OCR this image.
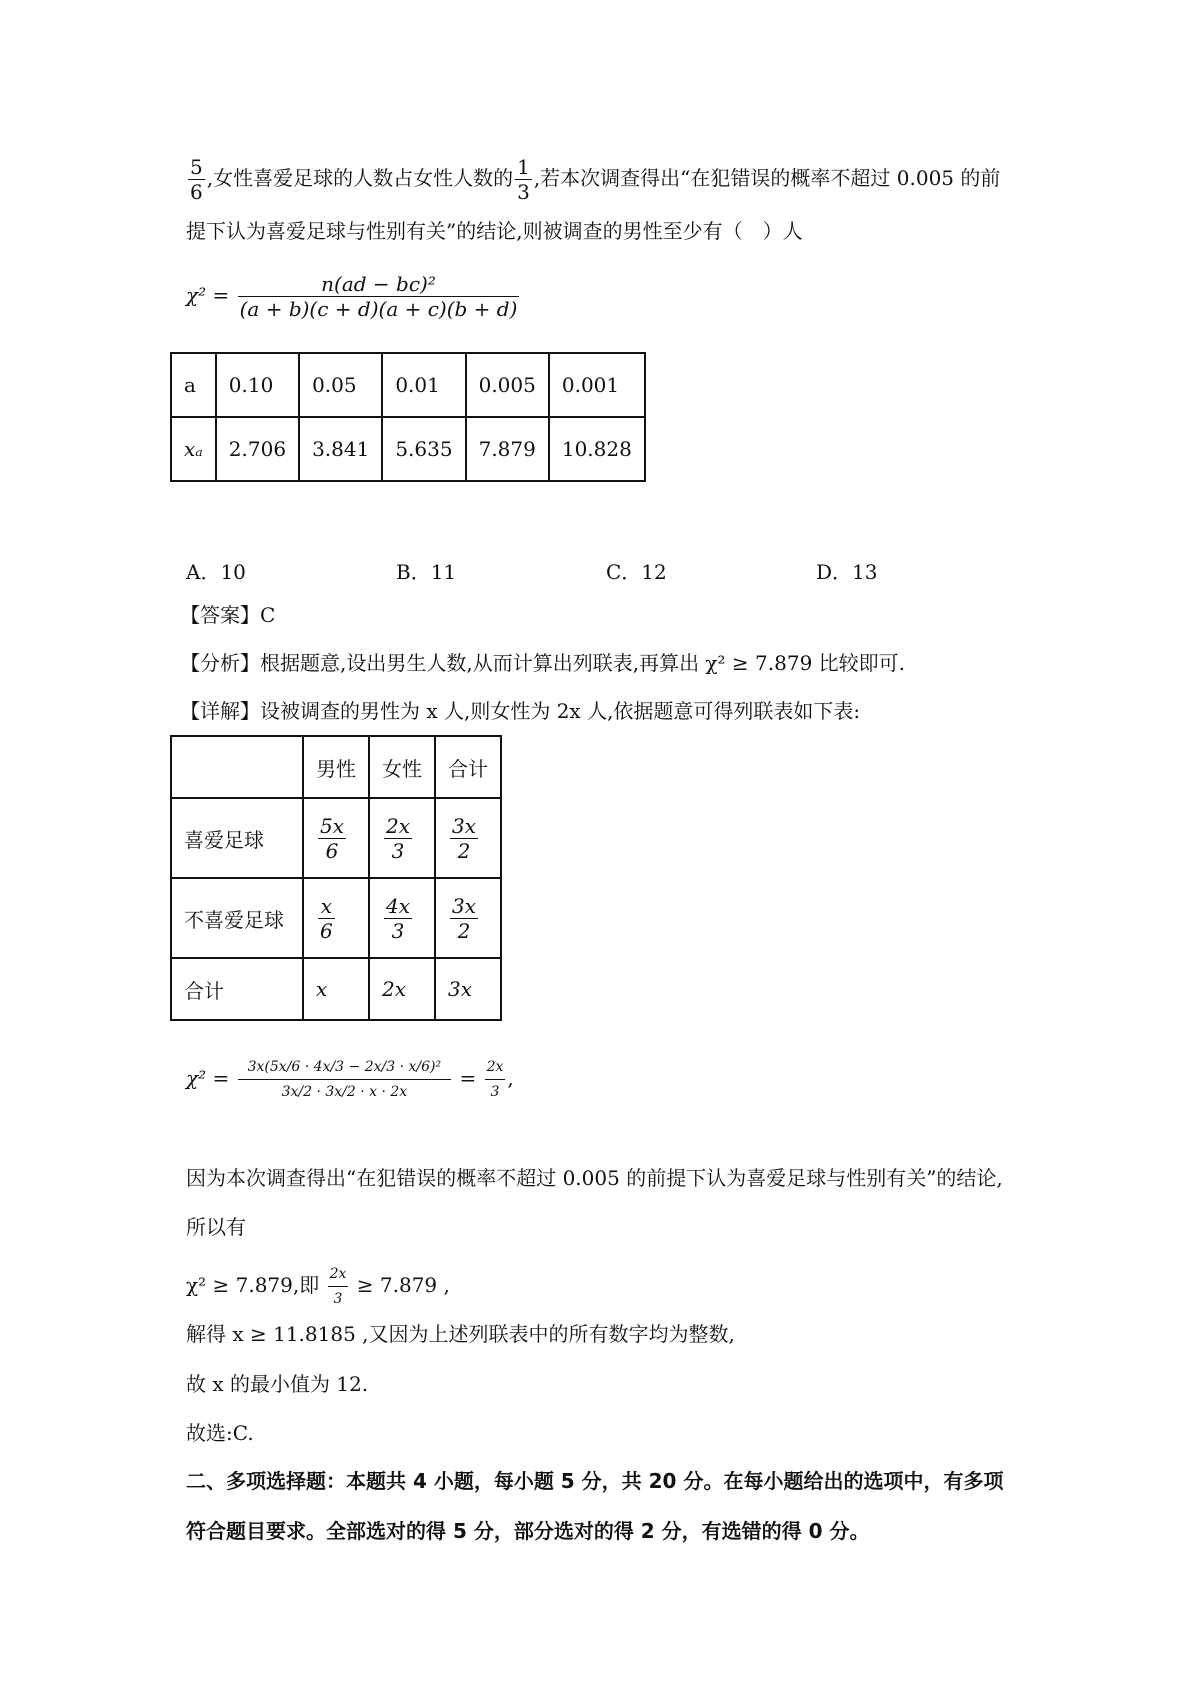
$\frac{5}{6}$ ,女性喜爱足球的人数占女性人数的 $\frac{1}{3}$ ,若本次调查得出“在犯错误的概率不超过 0.005 的前
提下认为喜爱足球与性别有关”的结论,则被调查的男性至少有（　）人
$\chi^2 = \frac{\text{n(ad − bc)²}}{(a + b)(c + d)(a + c)(b + d)}$
a	0.10	0.05	0.01	0.005	0.001
xₐ	2.706	3.841	5.635	7.879	10.828
A．10	B．11	C．12	D．13
【答案】C
【分析】根据题意,设出男生人数,从而计算出列联表,再算出 χ² ≥ 7.879 比较即可.
【详解】设被调查的男性为 x 人,则女性为 2x 人,依据题意可得列联表如下表:
	男性	女性	合计
喜爱足球	$\frac{5x}{6}$	$\frac{2x}{3}$	$\frac{3x}{2}$

不喜爱足球	$\frac{x}{6}$	$\frac{4x}{3}$	$\frac{3x}{2}$

合计	x	2x	3x
$\chi^2 = \frac{\text{3x(5x/6 · 4x/3 − 2x/3 · x/6)²}}{3x/2 \cdot 3x/2 \cdot x \cdot 2x} = \frac{2x}{3}$ ,
因为本次调查得出“在犯错误的概率不超过 0.005 的前提下认为喜爱足球与性别有关”的结论,
所以有
χ² ≥ 7.879,即 $\frac{2x}{3} \ge 7.879$ ,
解得 x ≥ 11.8185 ,又因为上述列联表中的所有数字均为整数,
故 x 的最小值为 12.
故选:C.
二、多项选择题：本题共 4 小题，每小题 5 分，共 20 分。在每小题给出的选项中，有多项
符合题目要求。全部选对的得 5 分，部分选对的得 2 分，有选错的得 0 分。
